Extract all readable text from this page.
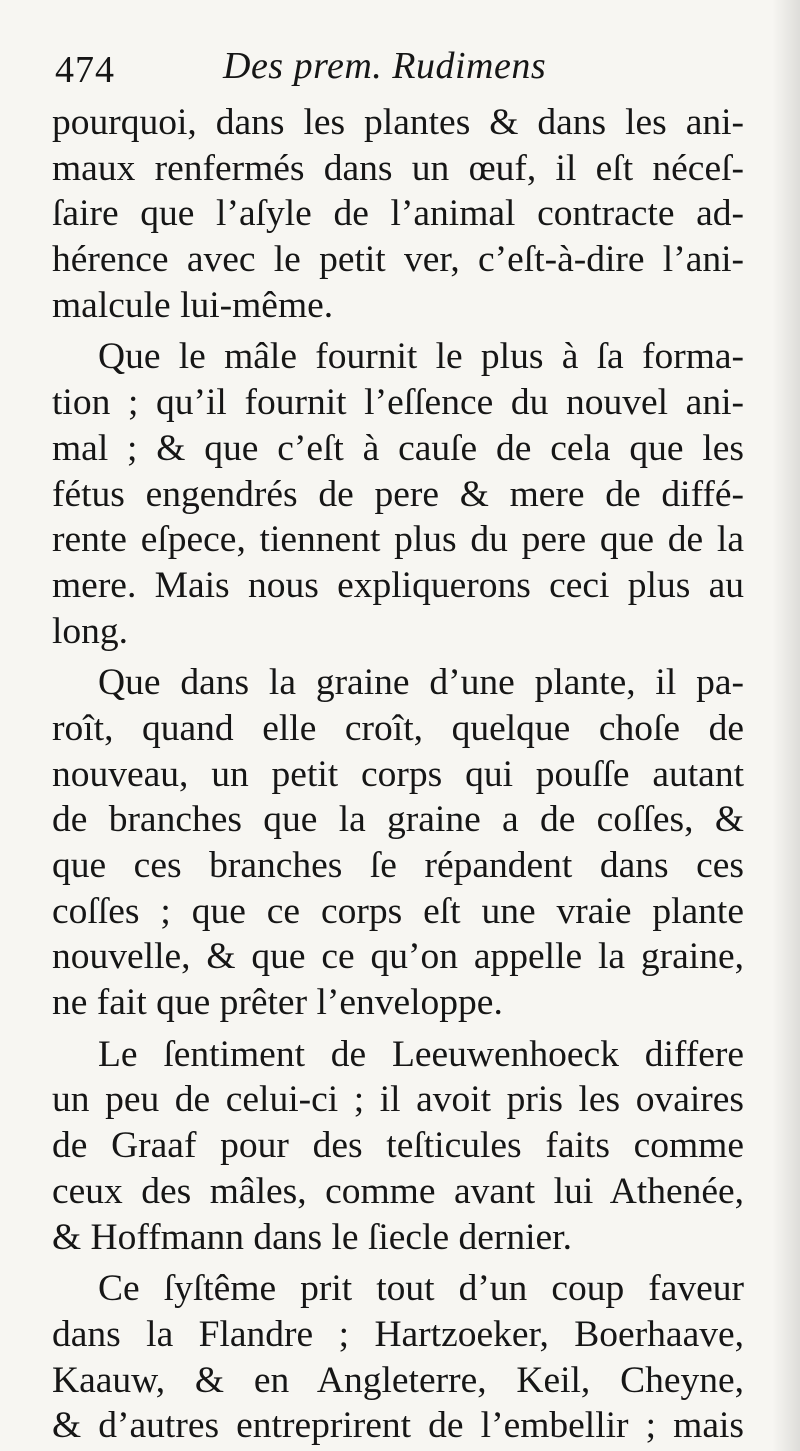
474	Des prem. Rudimens
pourquoi, dans les plantes & dans les ani-
maux renfermés dans un œuf, il eſt néceſ-
ſaire que l’aſyle de l’animal contracte ad-
hérence avec le petit ver, c’eſt-à-dire l’ani-
malcule lui-même.
Que le mâle fournit le plus à ſa forma-
tion ; qu’il fournit l’eſſence du nouvel ani-
mal ; & que c’eſt à cauſe de cela que les
fétus engendrés de pere & mere de diffé-
rente eſpece, tiennent plus du pere que de la
mere. Mais nous expliquerons ceci plus au
long.
Que dans la graine d’une plante, il pa-
roît, quand elle croît, quelque choſe de
nouveau, un petit corps qui pouſſe autant
de branches que la graine a de coſſes, &
que ces branches ſe répandent dans ces
coſſes ; que ce corps eſt une vraie plante
nouvelle, & que ce qu’on appelle la graine,
ne fait que prêter l’enveloppe.
Le ſentiment de Leeuwenhoeck differe
un peu de celui-ci ; il avoit pris les ovaires
de Graaf pour des teſticules faits comme
ceux des mâles, comme avant lui Athenée,
& Hoffmann dans le ſiecle dernier.
Ce ſyſtême prit tout d’un coup faveur
dans la Flandre ; Hartzoeker, Boerhaave,
Kaauw, & en Angleterre, Keil, Cheyne,
& d’autres entreprirent de l’embellir ; mais
